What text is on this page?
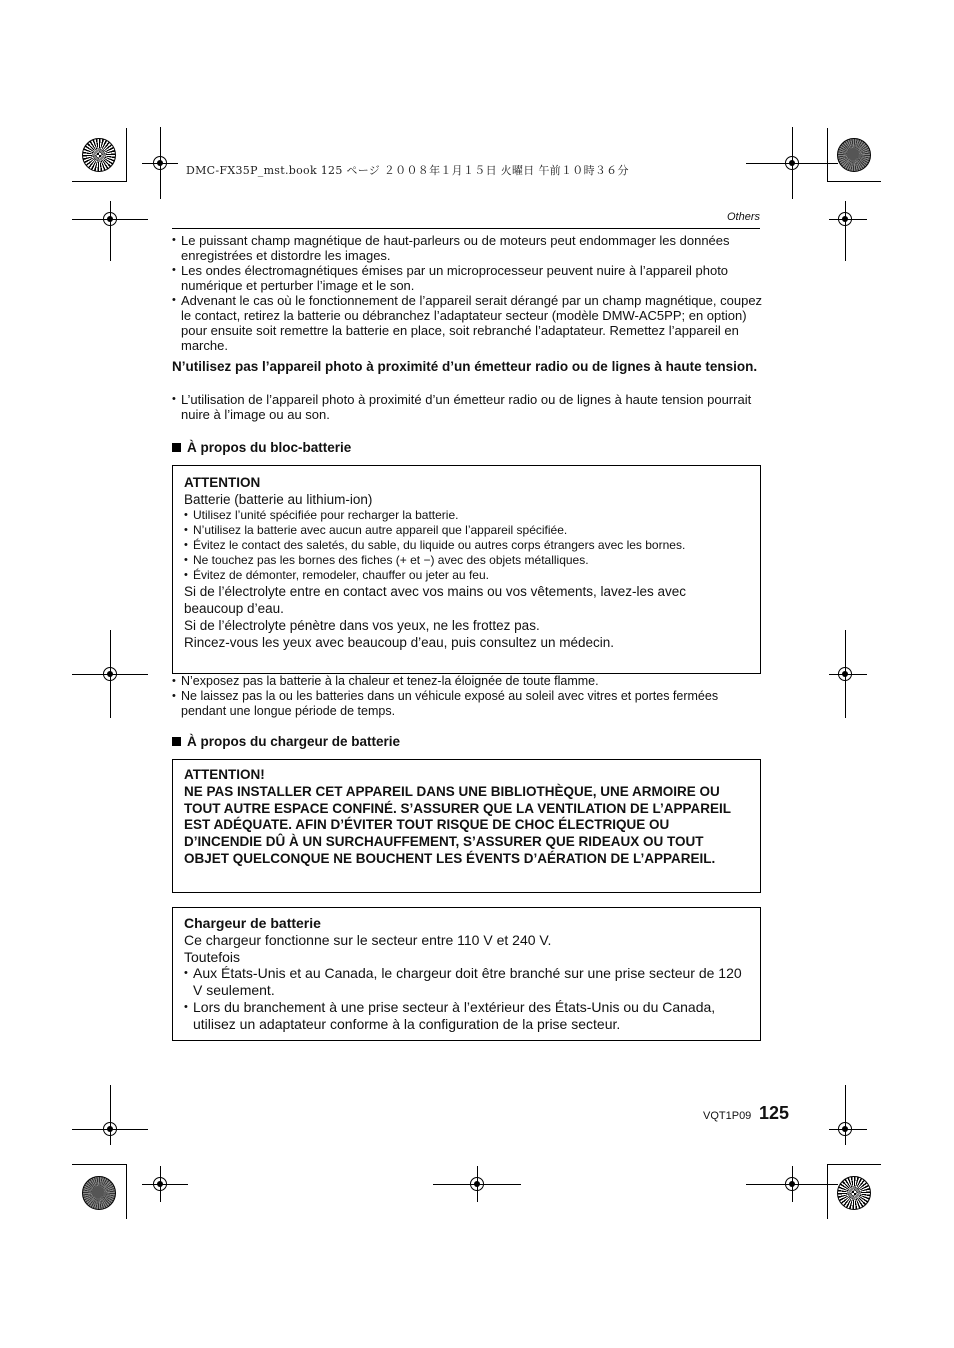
DMC-FX35P_mst.book 125 ページ ２００８年１月１５日 火曜日 午前１０時３６分
Others
• Le puissant champ magnétique de haut-parleurs ou de moteurs peut endommager les données enregistrées et distordre les images.
• Les ondes électromagnétiques émises par un microprocesseur peuvent nuire à l’appareil photo numérique et perturber l’image et le son.
• Advenant le cas où le fonctionnement de l’appareil serait dérangé par un champ magnétique, coupez le contact, retirez la batterie ou débranchez l’adaptateur secteur (modèle DMW-AC5PP; en option) pour ensuite soit remettre la batterie en place, soit rebranché l’adaptateur. Remettez l’appareil en marche.
N’utilisez pas l’appareil photo à proximité d’un émetteur radio ou de lignes à haute tension.
• L’utilisation de l’appareil photo à proximité d’un émetteur radio ou de lignes à haute tension pourrait nuire à l’image ou au son.
À propos du bloc-batterie
ATTENTION
Batterie (batterie au lithium-ion)
• Utilisez l’unité spécifiée pour recharger la batterie.
• N’utilisez la batterie avec aucun autre appareil que l’appareil spécifiée.
• Évitez le contact des saletés, du sable, du liquide ou autres corps étrangers avec les bornes.
• Ne touchez pas les bornes des fiches (+ et −) avec des objets métalliques.
• Évitez de démonter, remodeler, chauffer ou jeter au feu.
Si de l’électrolyte entre en contact avec vos mains ou vos vêtements, lavez-les avec beaucoup d’eau.
Si de l’électrolyte pénètre dans vos yeux, ne les frottez pas.
Rincez-vous les yeux avec beaucoup d’eau, puis consultez un médecin.
• N’exposez pas la batterie à la chaleur et tenez-la éloignée de toute flamme.
• Ne laissez pas la ou les batteries dans un véhicule exposé au soleil avec vitres et portes fermées pendant une longue période de temps.
À propos du chargeur de batterie
ATTENTION!
NE PAS INSTALLER CET APPAREIL DANS UNE BIBLIOTHÈQUE, UNE ARMOIRE OU TOUT AUTRE ESPACE CONFINÉ. S’ASSURER QUE LA VENTILATION DE L’APPAREIL EST ADÉQUATE. AFIN D’ÉVITER TOUT RISQUE DE CHOC ÉLECTRIQUE OU D’INCENDIE DÛ À UN SURCHAUFFEMENT, S’ASSURER QUE RIDEAUX OU TOUT OBJET QUELCONQUE NE BOUCHENT LES ÉVENTS D’AÉRATION DE L’APPAREIL.
Chargeur de batterie
Ce chargeur fonctionne sur le secteur entre 110 V et 240 V.
Toutefois
• Aux États-Unis et au Canada, le chargeur doit être branché sur une prise secteur de 120 V seulement.
• Lors du branchement à une prise secteur à l’extérieur des États-Unis ou du Canada, utilisez un adaptateur conforme à la configuration de la prise secteur.
VQT1P09 125
